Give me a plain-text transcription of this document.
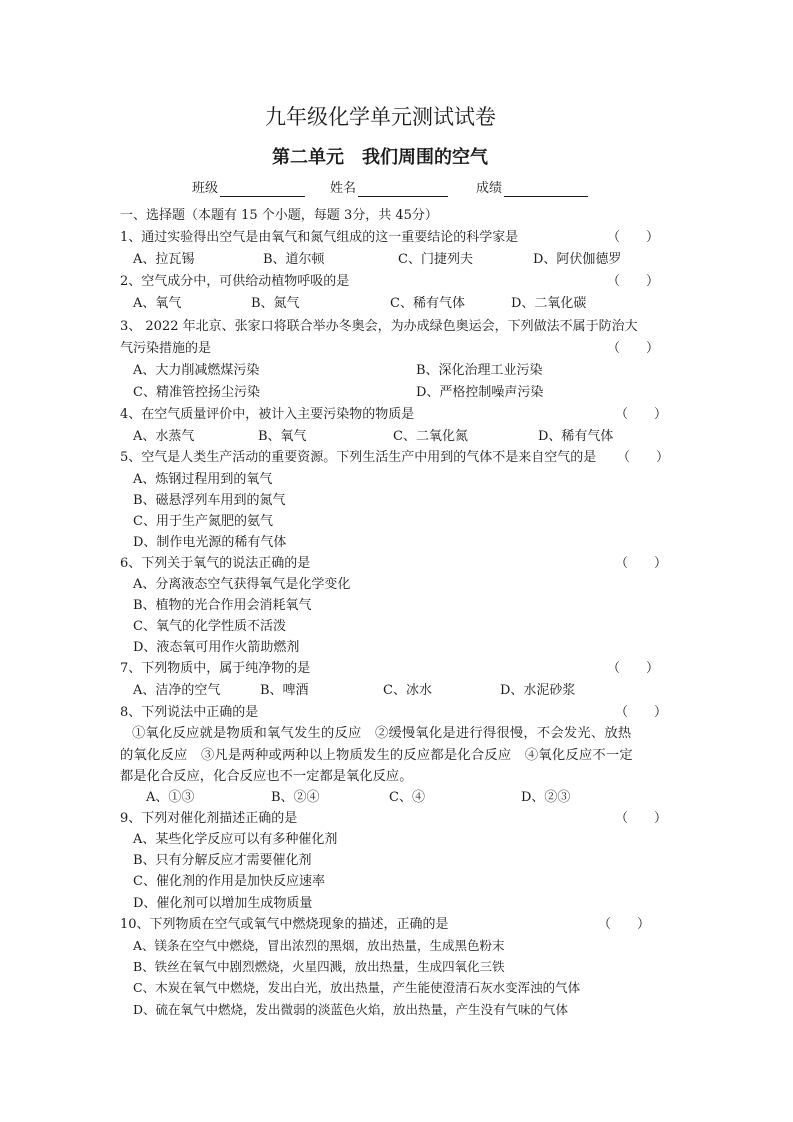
九年级化学单元测试试卷
第二单元　我们周围的空气
班级	姓名	成绩
一、选择题（本题有 15 个小题，每题 3分，共 45分）
1、通过实验得出空气是由氧气和氮气组成的这一重要结论的科学家是	（　　）
A、拉瓦锡	B、道尔顿	C、门捷列夫	D、阿伏伽德罗
2、空气成分中，可供给动植物呼吸的是	（　　）
A、氧气	B、氮气	C、稀有气体	D、二氧化碳
3、 2022 年北京、张家口将联合举办冬奥会，为办成绿色奥运会，下列做法不属于防治大
气污染措施的是	（　　）
A、大力削减燃煤污染	B、深化治理工业污染
C、精准管控扬尘污染	D、严格控制噪声污染
4、在空气质量评价中，被计入主要污染物的物质是	（　　）
A、水蒸气	B、氧气	C、二氧化氮	D、稀有气体
5、空气是人类生产活动的重要资源。下列生活生产中用到的气体不是来自空气的是 （　　）
A、炼钢过程用到的氧气
B、磁悬浮列车用到的氮气
C、用于生产氮肥的氨气
D、制作电光源的稀有气体
6、下列关于氧气的说法正确的是	（　　）
A、分离液态空气获得氧气是化学变化
B、植物的光合作用会消耗氧气
C、氧气的化学性质不活泼
D、液态氧可用作火箭助燃剂
7、下列物质中，属于纯净物的是	（　　）
A、洁净的空气	B、啤酒	C、冰水	D、水泥砂浆
8、下列说法中正确的是	（　　）
①氧化反应就是物质和氧气发生的反应　②缓慢氧化是进行得很慢，不会发光、放热
的氧化反应　③凡是两种或两种以上物质发生的反应都是化合反应　④氧化反应不一定
都是化合反应，化合反应也不一定都是氧化反应。
A、①③	B、②④	C、④	D、②③
9、下列对催化剂描述正确的是	（　　）
A、某些化学反应可以有多种催化剂
B、只有分解反应才需要催化剂
C、催化剂的作用是加快反应速率
D、催化剂可以增加生成物质量
10、下列物质在空气或氧气中燃烧现象的描述，正确的是	（　　）
A、镁条在空气中燃烧，冒出浓烈的黑烟，放出热量，生成黑色粉末
B、铁丝在氧气中剧烈燃烧，火星四溅，放出热量，生成四氧化三铁
C、木炭在氧气中燃烧，发出白光，放出热量，产生能使澄清石灰水变浑浊的气体
D、硫在氧气中燃烧，发出微弱的淡蓝色火焰，放出热量，产生没有气味的气体
